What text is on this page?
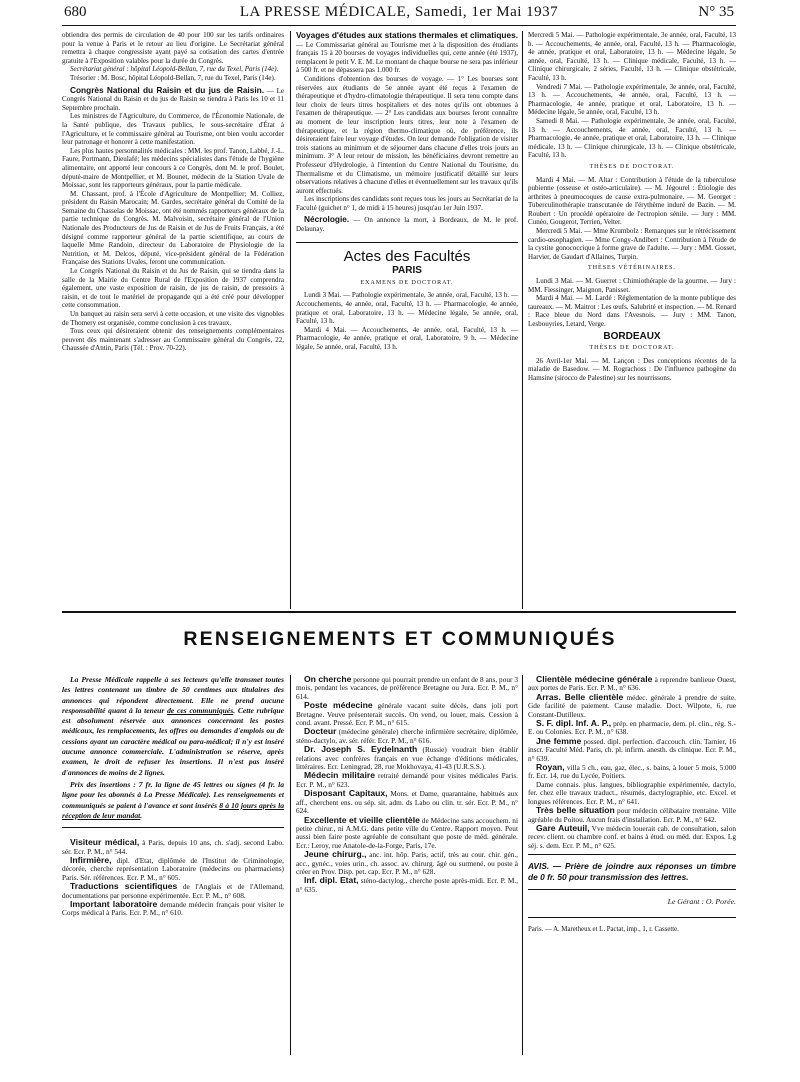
680	LA PRESSE MÉDICALE, Samedi, 1er Mai 1937	N° 35

obtiendra des permis de circulation de 40 pour 100 sur les tarifs ordinaires pour la venue à Paris et le retour au lieu d'origine. Le Secrétariat général remettra à chaque congressiste ayant payé sa cotisation des cartes d'entrée gratuite à l'Exposition valables pour la durée du Congrès.

Secrétariat général : hôpital Léopold-Bellan, 7, rue du Texel, Paris (14e).

Trésorier : M. Bosc, hôpital Léopold-Bellan, 7, rue du Texel, Paris (14e).

Congrès National du Raisin et du jus de Raisin. — Le Congrès National du Raisin et du jus de Raisin se tiendra à Paris les 10 et 11 Septembre prochain.

Les ministres de l'Agriculture, du Commerce, de l'Économie Nationale, de la Santé publique, des Travaux publics, le sous-secrétaire d'État à l'Agriculture, et le commissaire général au Tourisme, ont bien voulu accorder leur patronage et honorer à cette manifestation.

Les plus hautes personnalités médicales : MM. les prof. Tanon, Labbé, J.-L. Faure, Portmann, Dieulafé; les médecins spécialistes dans l'étude de l'hygiène alimentaire, ont apporté leur concours à ce Congrès, dont M. le prof. Boulet, député-maire de Montpellier, et M. Bounet, médecin de la Station Uvale de Moissac, sont les rapporteurs généraux, pour la partie médicale.

M. Chassant, prof. à l'École d'Agriculture de Montpellier; M. Colliez, président du Raisin Marocain; M. Gardes, secrétaire général du Comité de la Semaine du Chasselas de Moissac, ont été nommés rapporteurs généraux de la partie technique du Congrès. M. Malvoisin, secrétaire général de l'Union Nationale des Producteurs de Jus de Raisin et de Jus de Fruits Français, a été désigné comme rapporteur général de la partie scientifique, au cours de laquelle Mme Randoin, directeur du Laboratoire de Physiologie de la Nutrition, et M. Delcos, député, vice-président général de la Fédération Française des Stations Uvales, feront une communication.

Le Congrès National du Raisin et du Jus de Raisin, qui se tiendra dans la salle de la Mairie du Centre Rural de l'Exposition de 1937 comprendra également, une vaste exposition de raisin, de jus de raisin, de pressoirs à raisin, et de tout le matériel de propagande qui a été créé pour développer cette consommation.

Un banquet au raisin sera servi à cette occasion, et une visite des vignobles de Thomery est organisée, comme conclusion à ces travaux.

Tous ceux qui désireraient obtenir des renseignements complémentaires peuvent dès maintenant s'adresser au Commissaire général du Congrès, 22, Chaussée d'Antin, Paris (Tél. : Prov. 70-22).

Voyages d'études aux stations thermales et climatiques. — Le Commissariat général au Tourisme met à la disposition des étudiants français 15 à 20 bourses de voyages individuelles qui, cette année (été 1937), remplacent le petit V. E. M. Le montant de chaque bourse ne sera pas inférieur à 500 fr. et ne dépassera pas 1.000 fr.

Conditions d'obtention des bourses de voyage. — 1° Les bourses sont réservées aux étudiants de 5e année ayant été reçus à l'examen de thérapeutique et d'hydro-climatologie thérapeutique. Il sera tenu compte dans leur choix de leurs titres hospitaliers et des notes qu'ils ont obtenues à l'examen de thérapeutique. — 2° Les candidats aux bourses feront connaître au moment de leur inscription leurs titres, leur note à l'examen de thérapeutique, et la région thermo-climatique où, de préférence, ils désireraient faire leur voyage d'études. On leur demande l'obligation de visiter trois stations au minimum et de séjourner dans chacune d'elles trois jours au minimum. 3° A leur retour de mission, les bénéficiaires devront remettre au Professeur d'Hydrologie, à l'intention du Centre National du Tourisme, du Thermalisme et du Climatisme, un mémoire justificatif détaillé sur leurs observations relatives à chacune d'elles et éventuellement sur les travaux qu'ils auront effectués.

Les inscriptions des candidats sont reçues tous les jours au Secrétariat de la Faculté (guichet n° 1, de midi à 15 heures) jusqu'au 1er Juin 1937.

Nécrologie. — On annonce la mort, à Bordeaux, de M. le prof. Delaunay.

Actes des Facultés
PARIS
EXAMENS DE DOCTORAT.

Lundi 3 Mai. — Pathologie expérimentale, 3e année, oral, Faculté, 13 h. — Accouchements, 4e année, oral, Faculté, 13 h. — Pharmacologie, 4e année, pratique et oral, Laboratoire, 13 h. — Médecine légale, 5e année, oral, Faculté, 13 h.

Mardi 4 Mai. — Accouchements, 4e année, oral, Faculté, 13 h. — Pharmacologie, 4e année, pratique et oral, Laboratoire, 9 h. — Médecine légale, 5e année, oral, Faculté, 13 h.

Mercredi 5 Mai. — Pathologie expérimentale, 3e année, oral, Faculté, 13 h. — Accouchements, 4e année, oral, Faculté, 13 h. — Pharmacologie, 4e année, pratique et oral, Laboratoire, 13 h. — Médecine légale, 5e année, oral, Faculté, 13 h. — Clinique médicale, Faculté, 13 h. — Clinique chirurgicale, 2 séries, Faculté, 13 h. — Clinique obstétricale, Faculté, 13 h.

Vendredi 7 Mai. — Pathologie expérimentale, 3e année, oral, Faculté, 13 h. — Accouchements, 4e année, oral, Faculté, 13 h. — Pharmacologie, 4e année, pratique et oral, Laboratoire, 13 h. — Médecine légale, 5e année, oral, Faculté, 13 h.

Samedi 8 Mai. — Pathologie expérimentale, 3e année, oral, Faculté, 13 h. — Accouchements, 4e année, oral, Faculté, 13 h. — Pharmacologie, 4e année, pratique et oral, Laboratoire, 13 h. — Clinique médicale, 13 h. — Clinique chirurgicale, 13 h. — Clinique obstétricale, Faculté, 13 h.

THÈSES DE DOCTORAT.

Mardi 4 Mai. — M. Altar : Contribution à l'étude de la tuberculose pubienne (osseuse et ostéo-articulaire). — M. Jégourel : Étiologie des arthrites à pneumocoques de cause extra-pulmonaire. — M. Georget : Tuberculinothérapie transcutanée de l'érythème induré de Bazin. — M. Roubert : Un procédé opératoire de l'ectropion sénile. — Jury : MM. Cunéo, Gougerot, Terrien, Velter.

Mercredi 5 Mai. — Mme Krumbolz : Remarques sur le rétrécissement cardio-œsophagien. — Mme Congy-Andibert : Contribution à l'étude de la cystite gonococcique à forme grave de l'adulte. — Jury : MM. Gosset, Harvier, de Gaudart d'Allaines, Turpin.

THÈSES VÉTÉRINAIRES.

Lundi 3 Mai. — M. Guerret : Chimiothérapie de la gourme. — Jury : MM. Fiessinger, Maignon, Panisset.

Mardi 4 Mai. — M. Lardé : Réglementation de la monte publique des taureaux. — M. Maitrot : Les œufs. Salubrité et inspection. — M. Renard : Race bleue du Nord dans l'Avesnois. — Jury : MM. Tanon, Lesbouyries, Letard, Verge.

BORDEAUX
THÈSES DE DOCTORAT.

26 Avril-1er Mai. — M. Lançon : Des conceptions récentes de la maladie de Basedow. — M. Rograchoss : De l'influence pathogène du Hamsine (sirocco de Palestine) sur les nourrissons.

RENSEIGNEMENTS ET COMMUNIQUÉS
La Presse Médicale rappelle à ses lecteurs qu'elle transmet toutes les lettres contenant un timbre de 50 centimes aux titulaires des annonces qui répondent directement. Elle ne prend aucune responsabilité quant à la teneur de ces communiqués. Cette rubrique est absolument réservée aux annonces concernant les postes médicaux, les remplacements, les offres ou demandes d'emplois ou de cessions ayant un caractère médical ou para-médical; il n'y est inséré aucune annonce commerciale. L'administration se réserve, après examen, le droit de refuser les insertions. Il n'est pas inséré d'annonces de moins de 2 lignes.
Prix des insertions : 7 fr. la ligne de 45 lettres ou signes (4 fr. la ligne pour les abonnés à La Presse Médicale). Les renseignements et communiqués se paient à l'avance et sont insérés 8 à 10 jours après la réception de leur mandat.

Visiteur médical, à Paris, depuis 10 ans, ch. s'adj. second Labo. sér. Ecr. P. M., n° 544.

Infirmière, dipl. d'Etat, diplômée de l'Institut de Criminologie, décorée, cherche représentation Laboratoire (médecins ou pharmaciens) Paris. Sér. références. Ecr. P. M., n° 605.

Traductions scientifiques de l'Anglais et de l'Allemand, documentations par personne expérimentée. Ecr. P. M., n° 608.

Important laboratoire demande médecin français pour visiter le Corps médical à Paris. Ecr. P. M., n° 610.

On cherche personne qui pourrait prendre un enfant de 8 ans, pour 3 mois, pendant les vacances, de préférence Bretagne ou Jura. Ecr. P. M., n° 614.

Poste médecine générale vacant suite décès, dans joli port Bretagne. Veuve présenterait succès. On vend, ou louer, mais. Cession à cond. avant. Pressé. Ecr. P. M., n° 615.

Docteur (médecine générale) cherche infirmière secrétaire, diplômée, sténo-dactylo, av. sér. référ. Ecr. P. M., n° 616.

Dr. Joseph S. Eydelnanth (Russie) voudrait bien établir relations avec confrères français en vue échange d'éditions médicales, littéraires. Ecr. Leningrad, 28, rue Mokhovaya, 41-43 (U.R.S.S.).

Médecin militaire retraité demandé pour visites médicales Paris. Ecr. P. M., n° 623.

Disposant Capitaux, Mons. et Dame, quarantaine, habitués aux aff., cherchent ens. ou sép. sit. adm. ds Labo ou clin. tr. sér. Ecr. P. M., n° 624.

Excellente et vieille clientèle de Médecine sans accouchem. ni petite chirur., ni A.M.G. dans petite ville du Centre. Rapport moyen. Peut aussi bien faire poste agréable de consultant que poste de méd. générale. Ecr.: Leroy, rue Anatole-de-la-Forge, Paris, 17e.

Jeune chirurg., anc. int. hôp. Paris, actif, très au cour. chir. gén., acc., gynéc., voies urin., ch. assoc. av. chirurg. âgé ou surmené, ou poste à créer en Prov. Disp. pet. cap. Ecr. P. M., n° 628.

Inf. dipl. Etat, sténo-dactylog., cherche poste après-midi. Ecr. P. M., n° 635.

Clientèle médecine générale à reprendre banlieue Ouest, aux portes de Paris. Ecr. P. M., n° 636.

Arras. Belle clientèle médec. générale à prendre de suite. Gde facilité de paiement. Cause maladie. Doct. Wilpote, 6, rue Constant-Dutilleux.

S. F. dipl. Inf. A. P., prép. en pharmacie, dem. pl. clin., rég. S.-E. ou Colonies. Ecr. P. M., n° 638.

Jne femme possed. dipl. perfection. d'accouch. clin. Tarnier, 16 inscr. Faculté Méd. Paris, ch. pl. infirm. anesth. ds clinique. Ecr. P. M., n° 639.

Royan, villa 5 ch., eau, gaz, élec., s. bains, à louer 5 mois, 5.000 fr. Ecr. 14, rue du Lycée, Poitiers.

Dame connais. plus. langues, bibliographie expérimentée, dactylo, fer. chez elle travaux traduct., résumés, dactylographie, etc. Excel. et longues références. Ecr. P. M., n° 641.

Très belle situation pour médecin célibataire trentaine. Ville agréable du Poitou. Aucun frais d'installation. Ecr. P. M., n° 642.

Gare Auteuil, Vve médecin louerait cab. de consultation, salon recev. client. ou chambre conf. et bains à étud. ou méd. dur. Expos. Lg séj. s. dem. Ecr. P. M., n° 625.

AVIS. — Prière de joindre aux réponses un timbre de 0 fr. 50 pour transmission des lettres.
Le Gérant : O. Porée.
Paris. — A. Maretheux et L. Pactat, imp., 1, r. Cassette.
